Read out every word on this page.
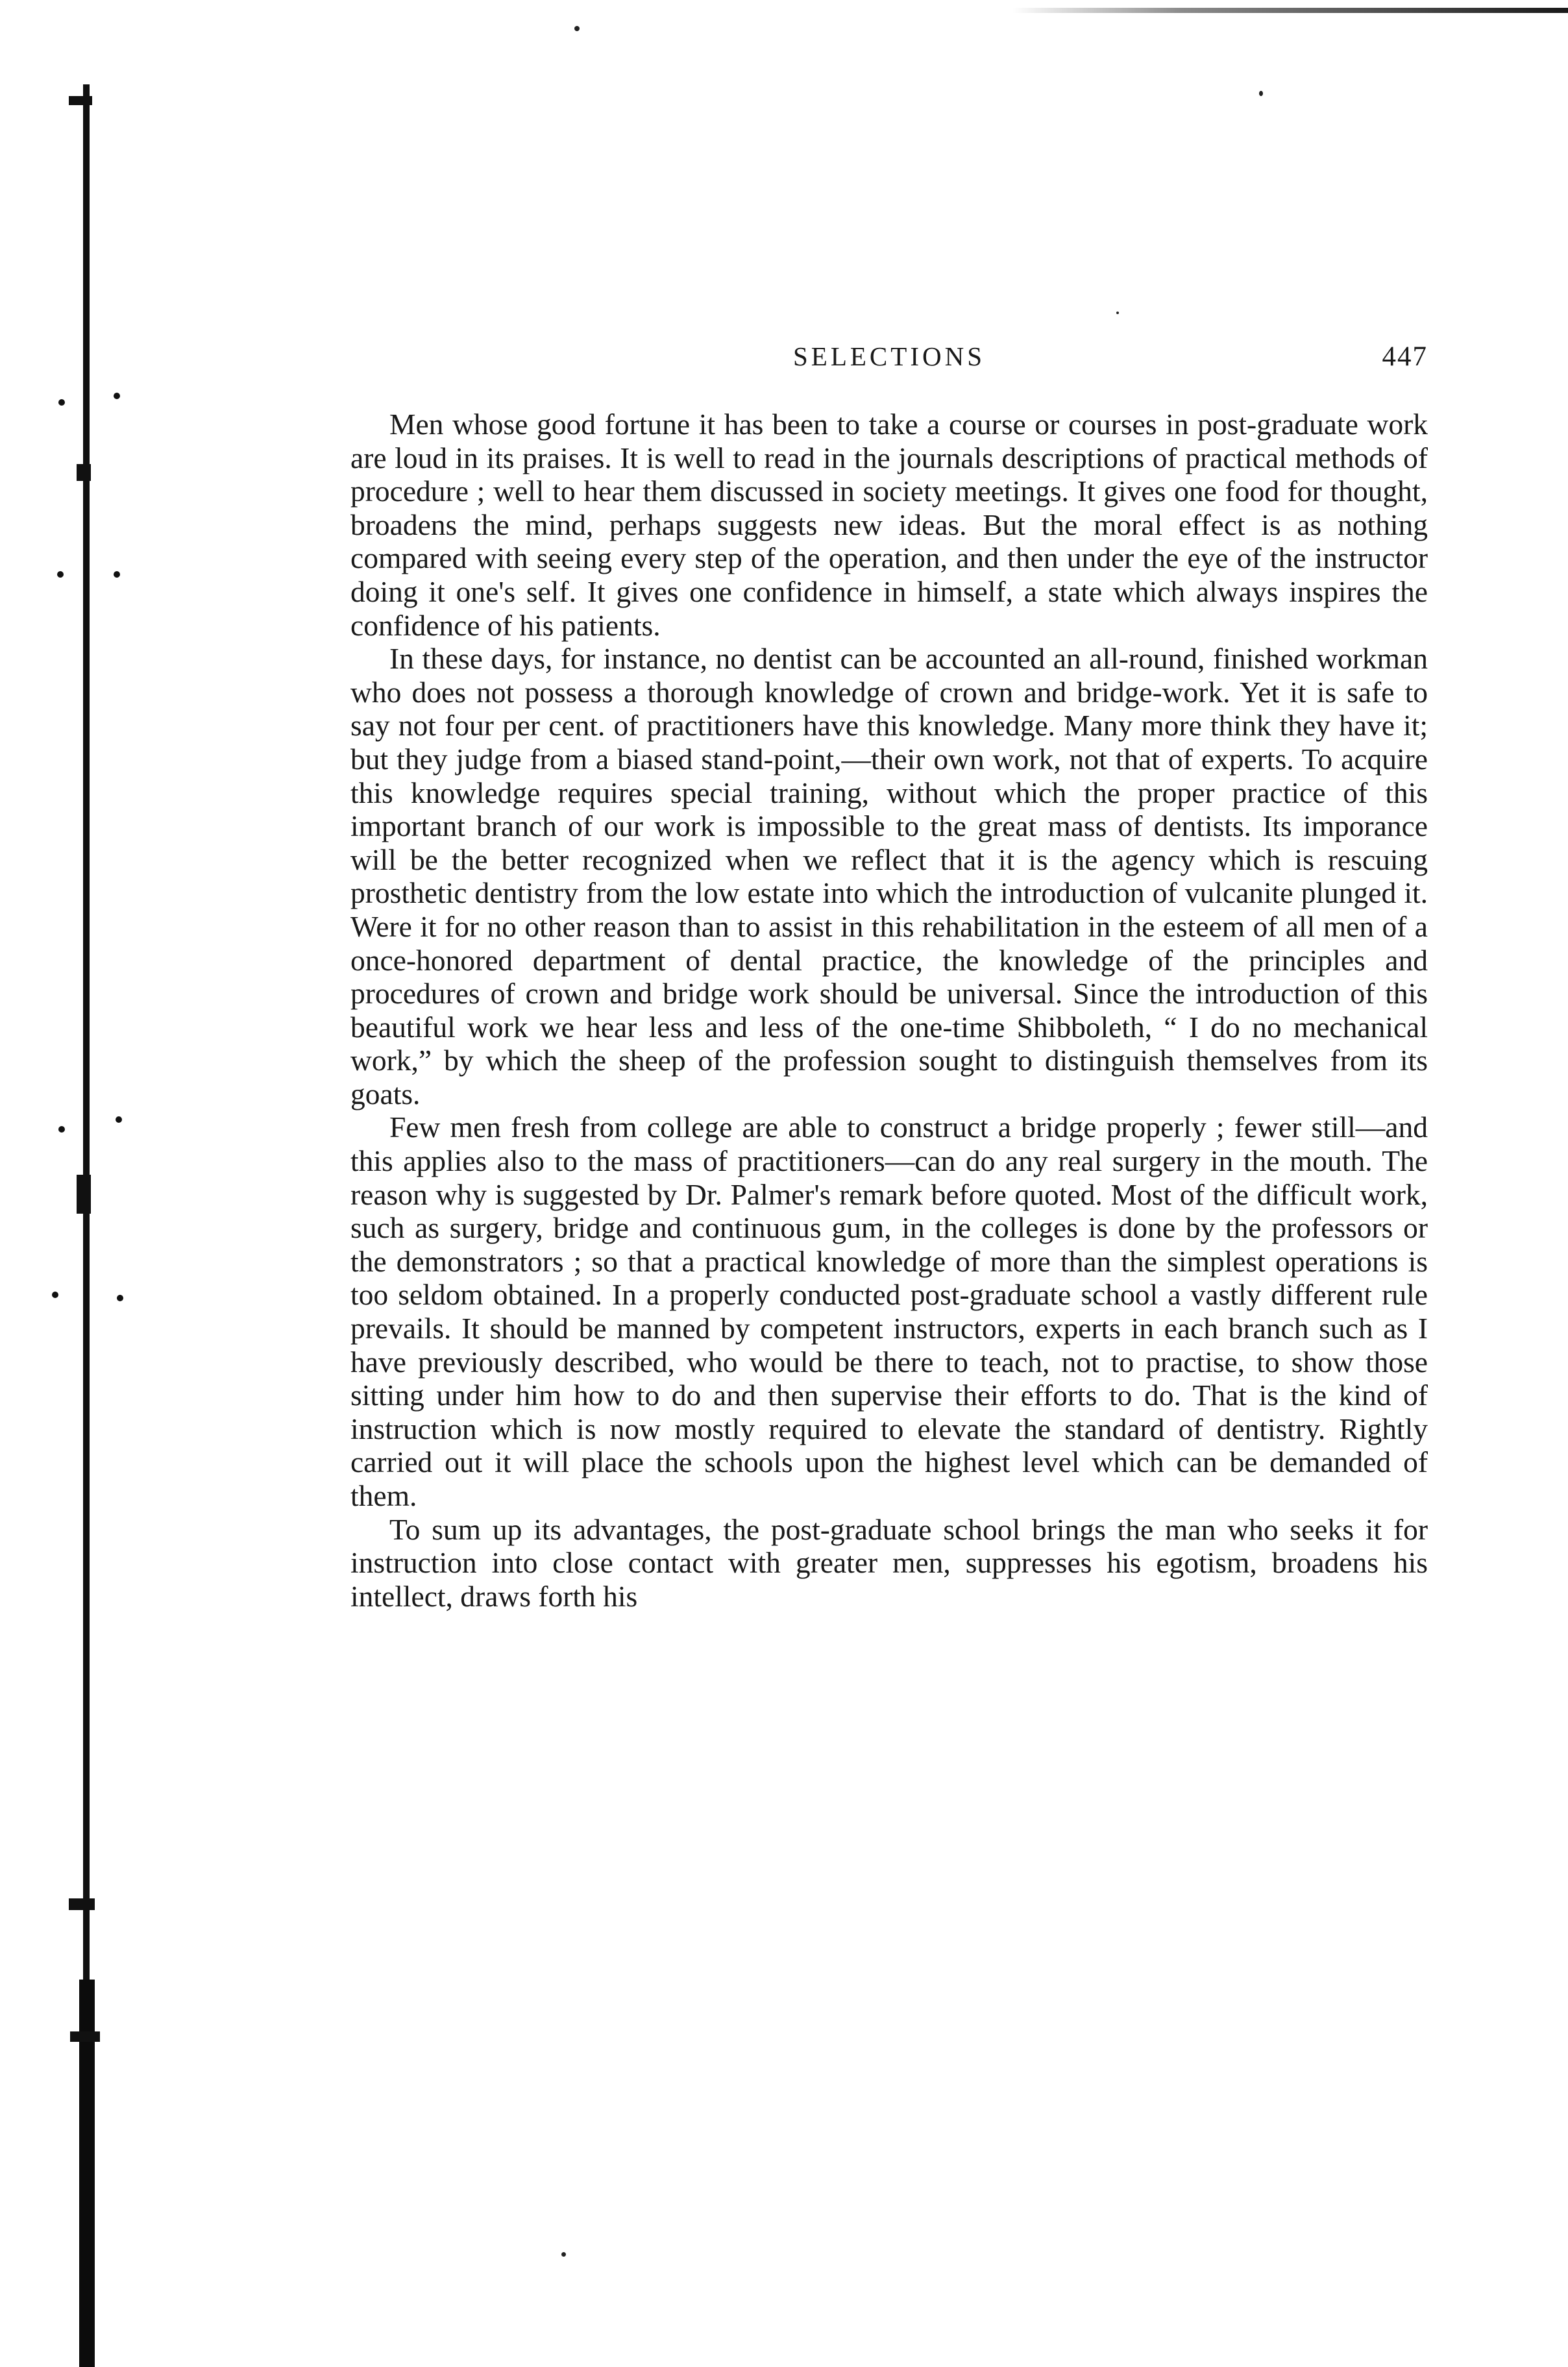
SELECTIONS	447

Men whose good fortune it has been to take a course or courses in post-graduate work are loud in its praises. It is well to read in the journals descriptions of practical methods of procedure ; well to hear them discussed in society meetings. It gives one food for thought, broadens the mind, perhaps suggests new ideas. But the moral effect is as nothing compared with seeing every step of the operation, and then under the eye of the instructor doing it one's self. It gives one confidence in himself, a state which always inspires the confidence of his patients.

In these days, for instance, no dentist can be accounted an all-round, finished workman who does not possess a thorough knowledge of crown and bridge-work. Yet it is safe to say not four per cent. of practitioners have this knowledge. Many more think they have it; but they judge from a biased stand-point,—their own work, not that of experts. To acquire this knowledge requires special training, without which the proper practice of this important branch of our work is impossible to the great mass of dentists. Its imporance will be the better recognized when we reflect that it is the agency which is rescuing prosthetic dentistry from the low estate into which the introduction of vulcanite plunged it. Were it for no other reason than to assist in this rehabilitation in the esteem of all men of a once-honored department of dental practice, the knowledge of the principles and procedures of crown and bridge work should be universal. Since the introduction of this beautiful work we hear less and less of the one-time Shibboleth, “ I do no mechanical work,” by which the sheep of the profession sought to distinguish themselves from its goats.

Few men fresh from college are able to construct a bridge properly ; fewer still—and this applies also to the mass of practitioners—can do any real surgery in the mouth. The reason why is suggested by Dr. Palmer's remark before quoted. Most of the difficult work, such as surgery, bridge and continuous gum, in the colleges is done by the professors or the demonstrators ; so that a practical knowledge of more than the simplest operations is too seldom obtained. In a properly conducted post-graduate school a vastly different rule prevails. It should be manned by competent instructors, experts in each branch such as I have previously described, who would be there to teach, not to practise, to show those sitting under him how to do and then supervise their efforts to do. That is the kind of instruction which is now mostly required to elevate the standard of dentistry. Rightly carried out it will place the schools upon the highest level which can be demanded of them.

To sum up its advantages, the post-graduate school brings the man who seeks it for instruction into close contact with greater men, suppresses his egotism, broadens his intellect, draws forth his
